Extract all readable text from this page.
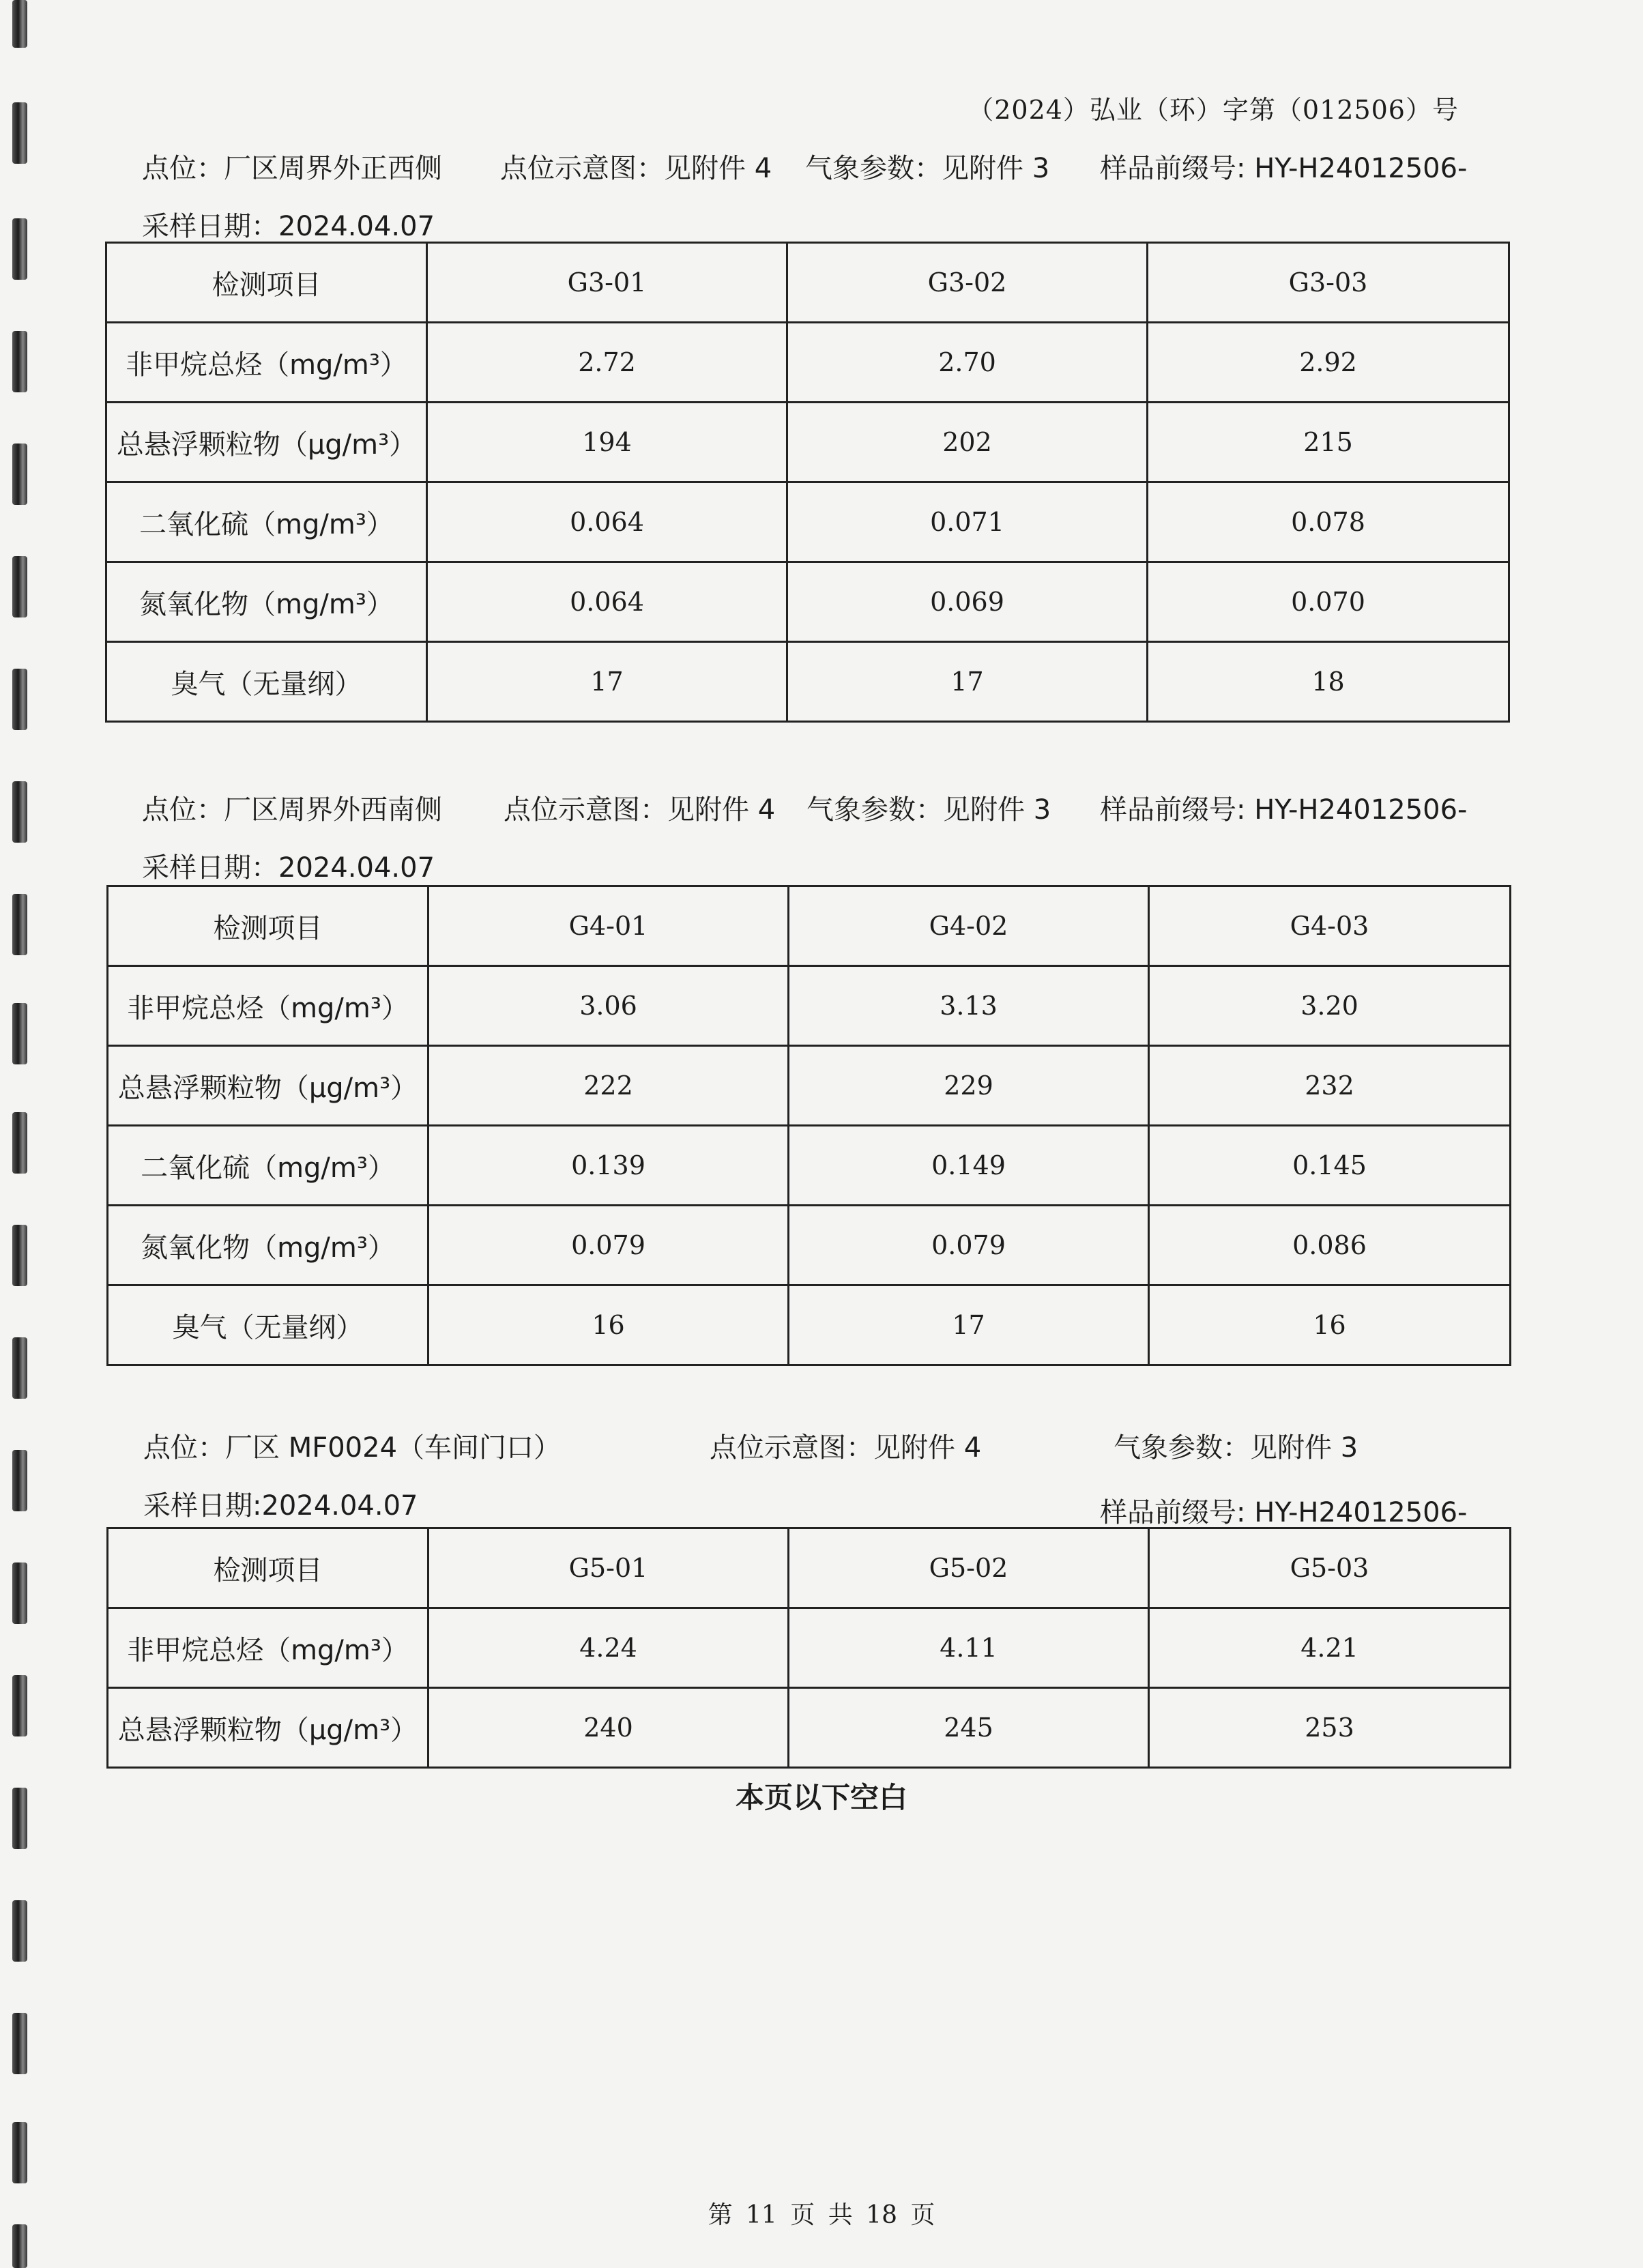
（2024）弘业（环）字第（012506）号
点位：厂区周界外正西侧 点位示意图：见附件 4 气象参数：见附件 3 样品前缀号: HY-H24012506-
采样日期：2024.04.07
检测项目	G3-01	G3-02	G3-03
非甲烷总烃（mg/m³）	2.72	2.70	2.92
总悬浮颗粒物（μg/m³）	194	202	215
二氧化硫（mg/m³）	0.064	0.071	0.078
氮氧化物（mg/m³）	0.064	0.069	0.070
臭气（无量纲）	17	17	18
点位：厂区周界外西南侧 点位示意图：见附件 4 气象参数：见附件 3 样品前缀号: HY-H24012506-
采样日期：2024.04.07
检测项目	G4-01	G4-02	G4-03
非甲烷总烃（mg/m³）	3.06	3.13	3.20
总悬浮颗粒物（μg/m³）	222	229	232
二氧化硫（mg/m³）	0.139	0.149	0.145
氮氧化物（mg/m³）	0.079	0.079	0.086
臭气（无量纲）	16	17	16
点位：厂区 MF0024（车间门口）	点位示意图：见附件 4	气象参数：见附件 3
采样日期:2024.04.07	样品前缀号: HY-H24012506-
检测项目	G5-01	G5-02	G5-03
非甲烷总烃（mg/m³）	4.24	4.11	4.21
总悬浮颗粒物（μg/m³）	240	245	253
本页以下空白
第 11 页 共 18 页
